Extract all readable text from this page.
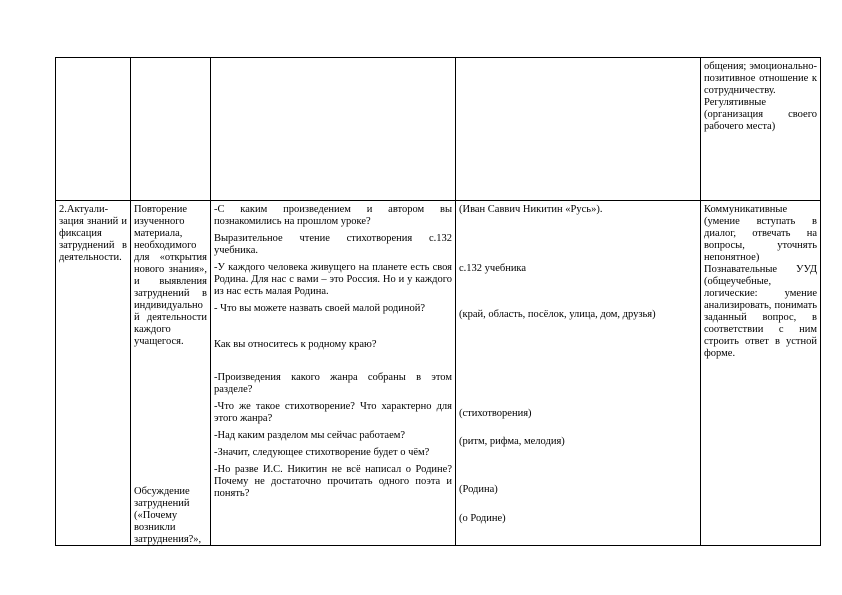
общения; эмоционально-позитивное отношение к сотрудничеству.

Регулятивные (организация своего рабочего места)

2.Актуализация знаний и фиксация затруднений в деятельности.

Повторение изученного материала, необходимого для «открытия нового знания», и выявления затруднений в индивидуальной деятельности каждого учащегося.

Обсуждение затруднений («Почему возникли затруднения?»,

-С каким произведением и автором вы познакомились на прошлом уроке?

Выразительное чтение стихотворения с.132 учебника.

-У каждого человека живущего на планете есть своя Родина. Для нас с вами – это Россия. Но и у каждого из нас есть малая Родина.

- Что вы можете назвать своей малой родиной?

Как вы относитесь к родному краю?

-Произведения какого жанра собраны в этом разделе?

-Что же такое стихотворение? Что характерно для этого жанра?

-Над каким разделом мы сейчас работаем?

-Значит, следующее стихотворение будет о чём?

-Но разве И.С. Никитин не всё написал о Родине? Почему не достаточно прочитать одного поэта и понять?

(Иван Саввич Никитин «Русь»).

с.132 учебника

(край, область, посёлок, улица, дом, друзья)

(стихотворения)

(ритм, рифма, мелодия)

(Родина)

(о Родине)

Коммуникативные (умение вступать в диалог, отвечать на вопросы, уточнять непонятное)

Познавательные УУД (общеучебные, логические: умение анализировать, понимать заданный вопрос, в соответствии с ним строить ответ в устной форме.
